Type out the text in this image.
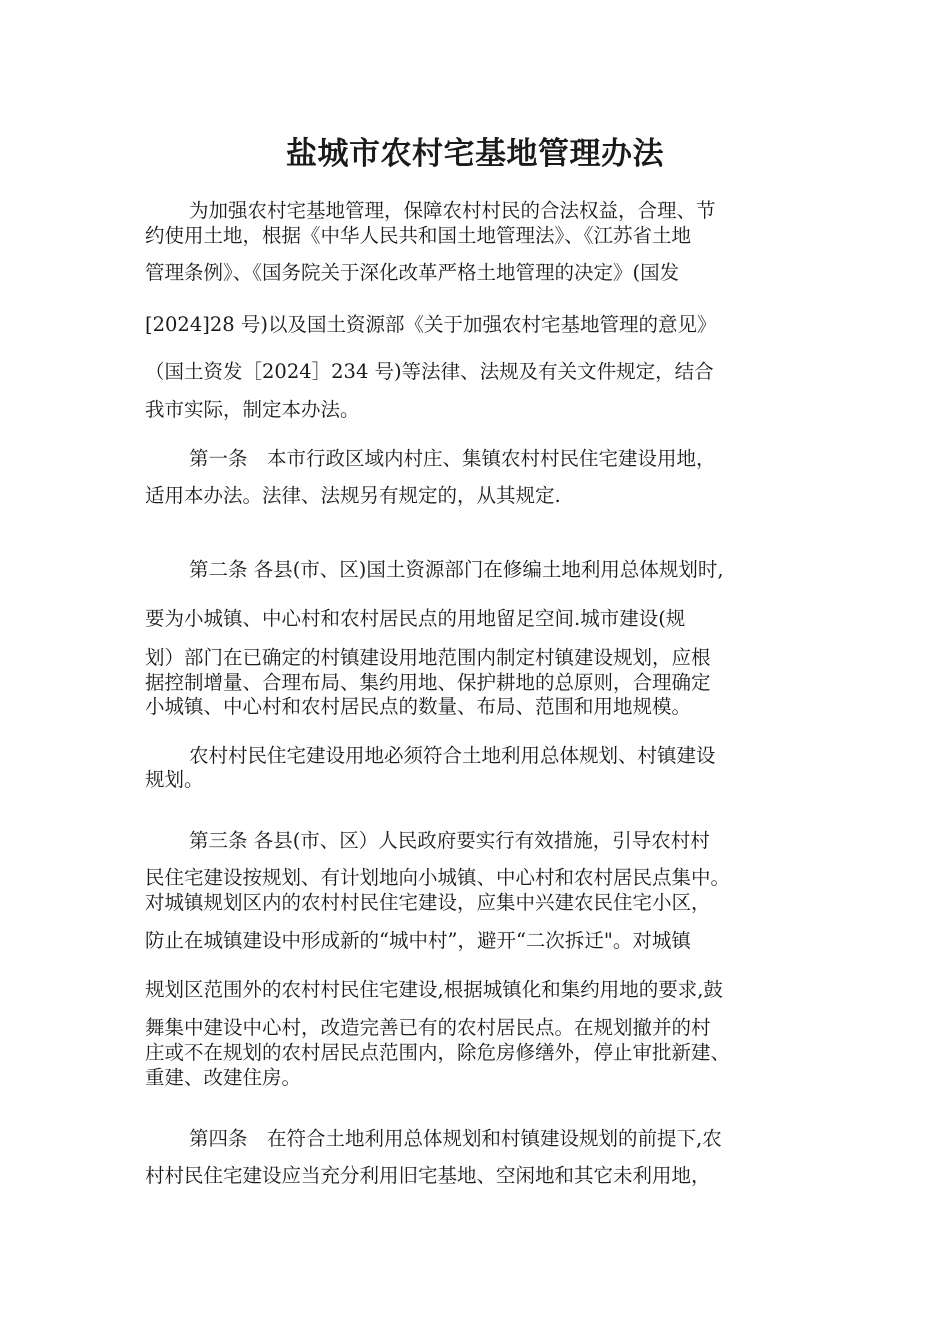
盐城市农村宅基地管理办法
为加强农村宅基地管理，保障农村村民的合法权益，合理、节
约使用土地，根据《中华人民共和国土地管理法》、《江苏省土地
管理条例》、《国务院关于深化改革严格土地管理的决定》(国发
[2024]28 号)以及国土资源部《关于加强农村宅基地管理的意见》
（国土资发［2024］234 号)等法律、法规及有关文件规定，结合
我市实际，制定本办法。
第一条　本市行政区域内村庄、集镇农村村民住宅建设用地，
适用本办法。法律、法规另有规定的，从其规定.
第二条 各县(市、区)国土资源部门在修编土地利用总体规划时,
要为小城镇、中心村和农村居民点的用地留足空间.城市建设(规
划）部门在已确定的村镇建设用地范围内制定村镇建设规划，应根
据控制增量、合理布局、集约用地、保护耕地的总原则，合理确定
小城镇、中心村和农村居民点的数量、布局、范围和用地规模。
农村村民住宅建设用地必须符合土地利用总体规划、村镇建设
规划。
第三条 各县(市、区）人民政府要实行有效措施，引导农村村
民住宅建设按规划、有计划地向小城镇、中心村和农村居民点集中。
对城镇规划区内的农村村民住宅建设，应集中兴建农民住宅小区，
防止在城镇建设中形成新的“城中村”，避开“二次拆迁"。对城镇
规划区范围外的农村村民住宅建设,根据城镇化和集约用地的要求,鼓
舞集中建设中心村，改造完善已有的农村居民点。在规划撤并的村
庄或不在规划的农村居民点范围内，除危房修缮外，停止审批新建、
重建、改建住房。
第四条　在符合土地利用总体规划和村镇建设规划的前提下,农
村村民住宅建设应当充分利用旧宅基地、空闲地和其它未利用地，
